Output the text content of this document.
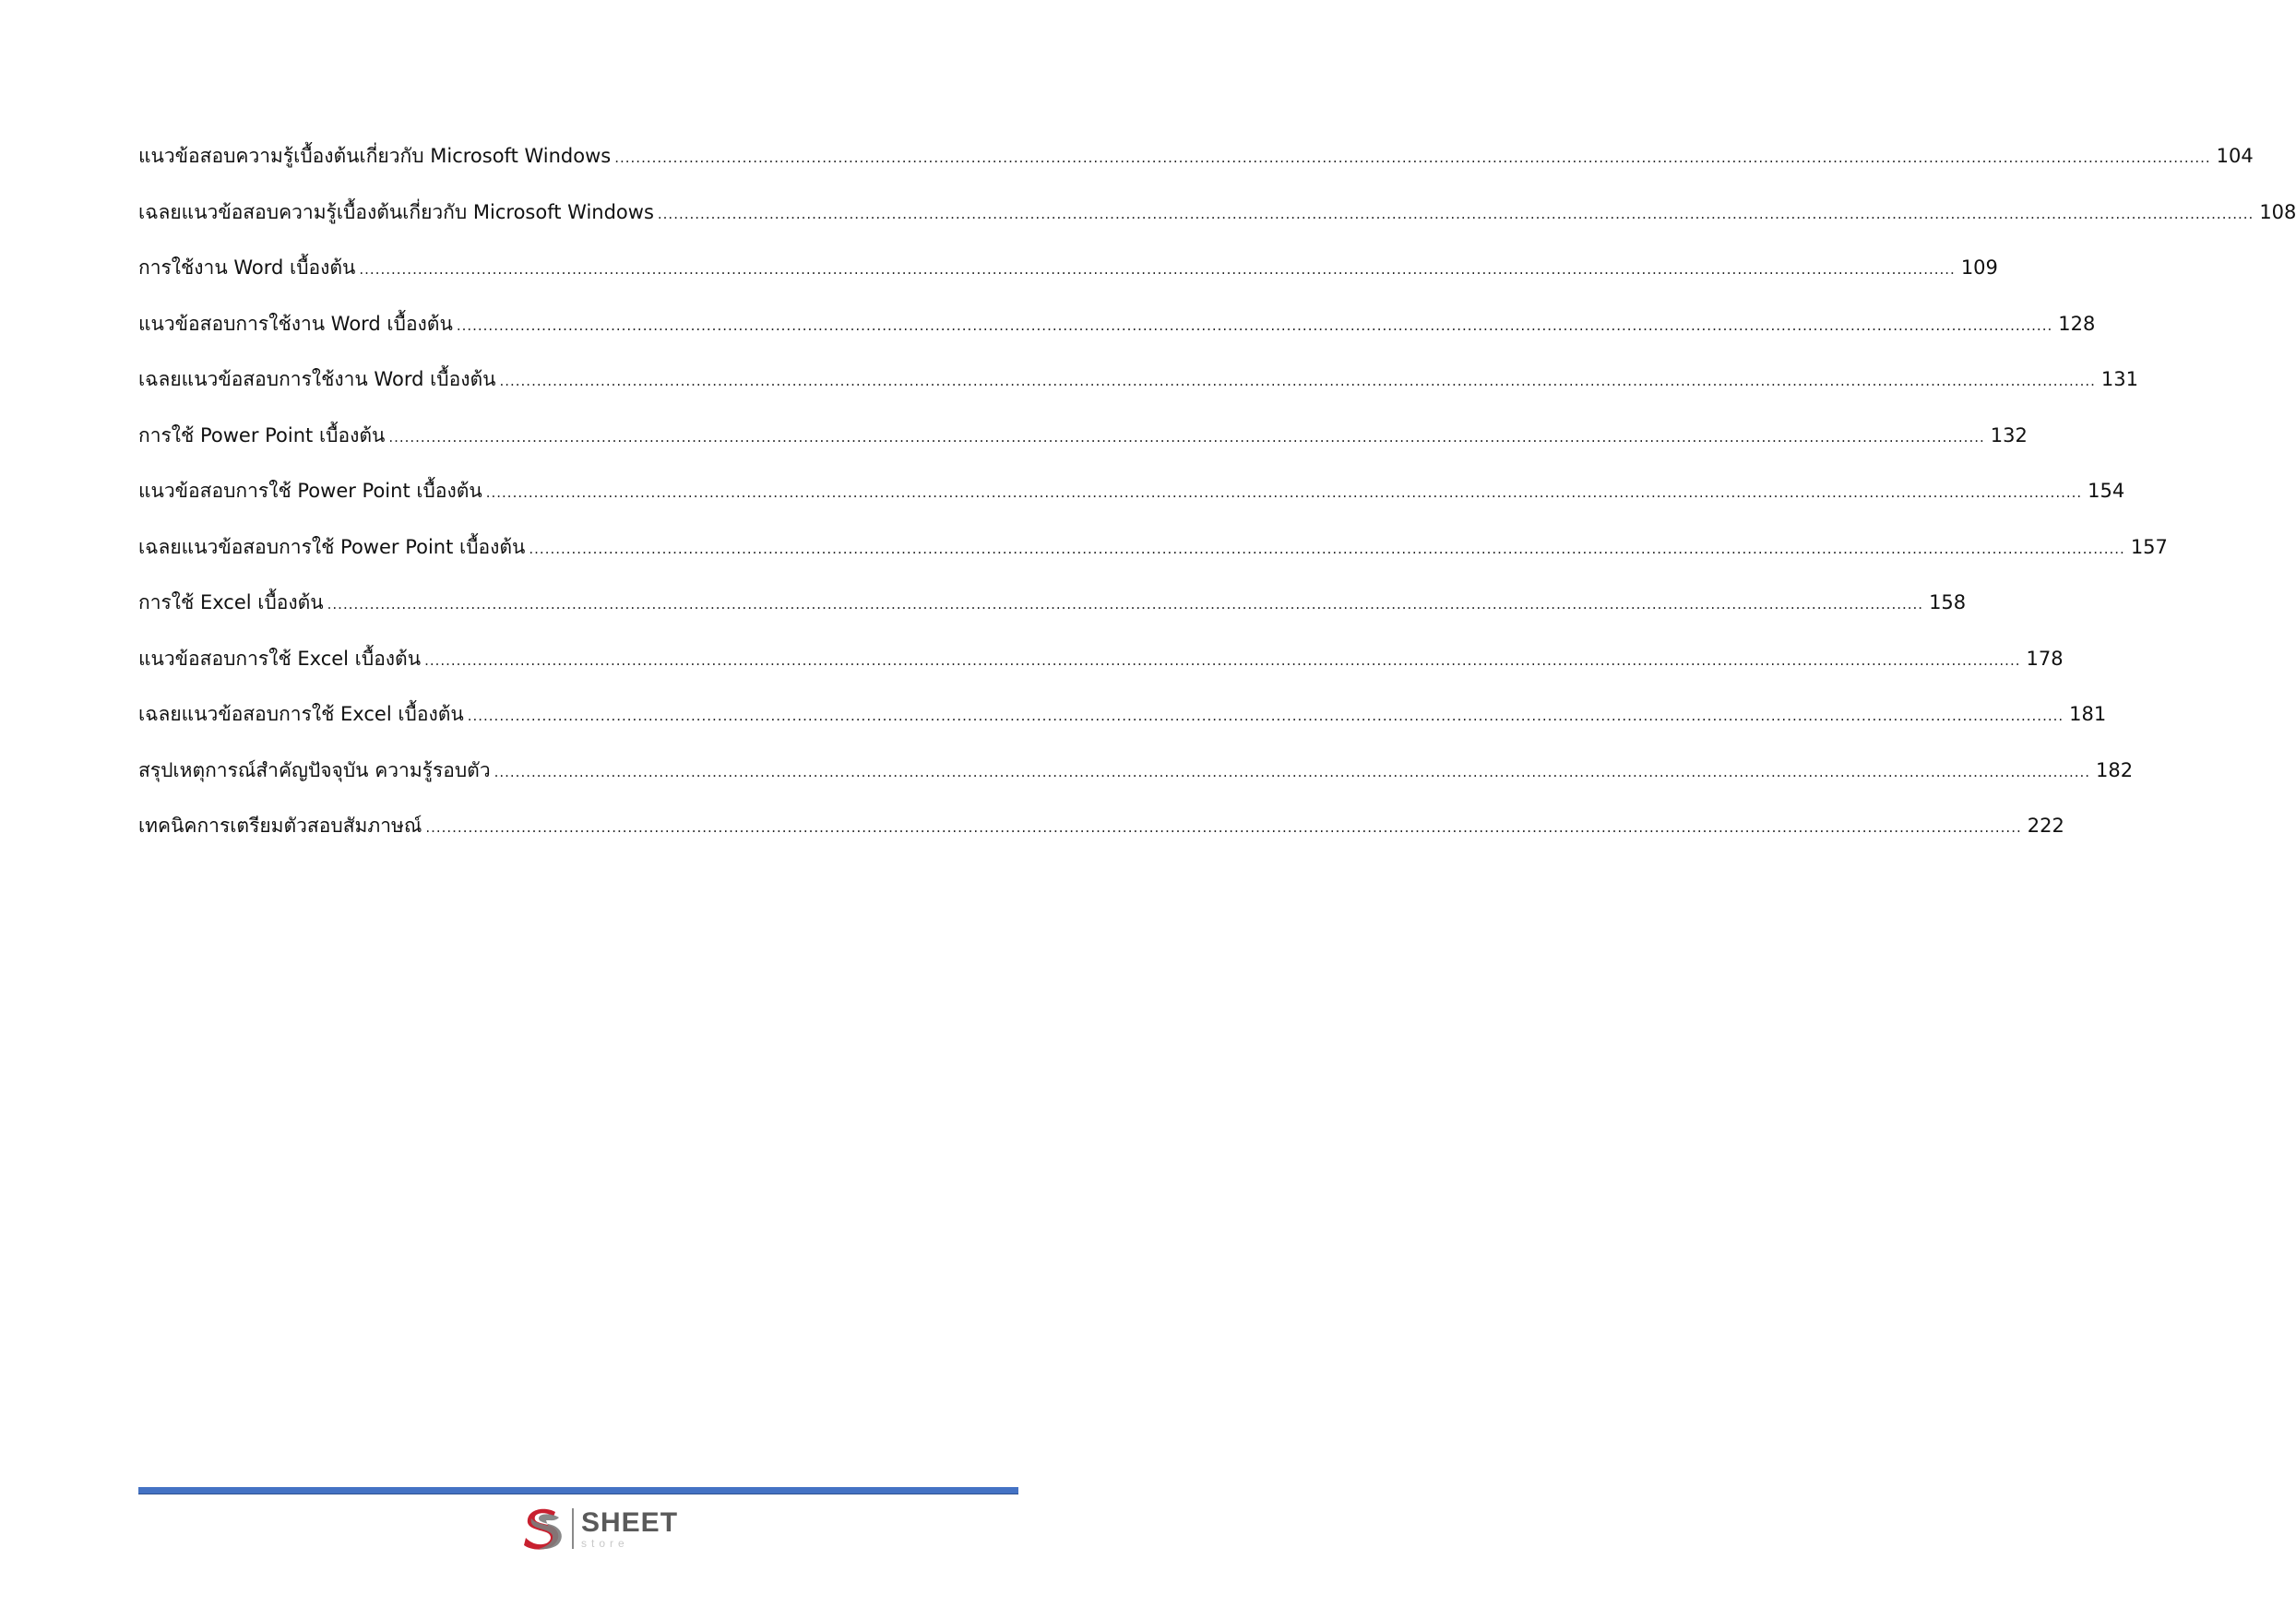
แนวข้อสอบความรู้เบื้องต้นเกี่ยวกับ Microsoft Windows ............................................................................................................................................................................................................................................................................................................ 104
เฉลยแนวข้อสอบความรู้เบื้องต้นเกี่ยวกับ Microsoft Windows ............................................................................................................................................................................................................................................................................................................ 108
การใช้งาน Word เบื้องต้น ............................................................................................................................................................................................................................................................................................................ 109
แนวข้อสอบการใช้งาน Word เบื้องต้น ............................................................................................................................................................................................................................................................................................................ 128
เฉลยแนวข้อสอบการใช้งาน Word เบื้องต้น ............................................................................................................................................................................................................................................................................................................ 131
การใช้ Power Point เบื้องต้น ............................................................................................................................................................................................................................................................................................................ 132
แนวข้อสอบการใช้ Power Point เบื้องต้น ............................................................................................................................................................................................................................................................................................................ 154
เฉลยแนวข้อสอบการใช้ Power Point เบื้องต้น ............................................................................................................................................................................................................................................................................................................ 157
การใช้ Excel เบื้องต้น ............................................................................................................................................................................................................................................................................................................ 158
แนวข้อสอบการใช้ Excel เบื้องต้น ............................................................................................................................................................................................................................................................................................................ 178
เฉลยแนวข้อสอบการใช้ Excel เบื้องต้น ............................................................................................................................................................................................................................................................................................................ 181
สรุปเหตุการณ์สำคัญปัจจุบัน ความรู้รอบตัว ............................................................................................................................................................................................................................................................................................................ 182
เทคนิคการเตรียมตัวสอบสัมภาษณ์ ............................................................................................................................................................................................................................................................................................................ 222
SHEET
store
